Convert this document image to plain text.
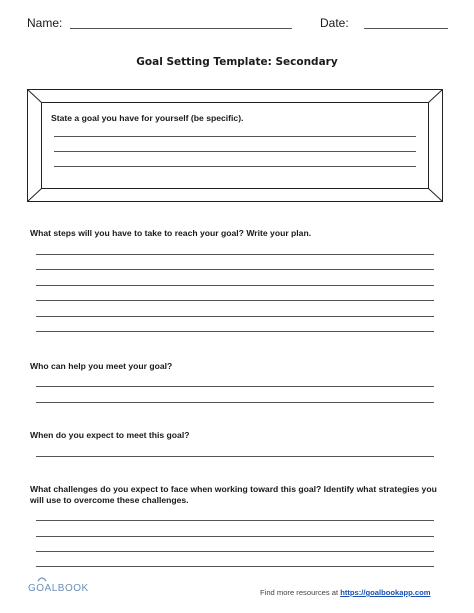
Name:	Date:
Goal Setting Template: Secondary
State a goal you have for yourself (be specific).
What steps will you have to take to reach your goal? Write your plan.
Who can help you meet your goal?
When do you expect to meet this goal?
What challenges do you expect to face when working toward this goal? Identify what strategies you will use to overcome these challenges.
GOALBOOK	Find more resources at https://goalbookapp.com
